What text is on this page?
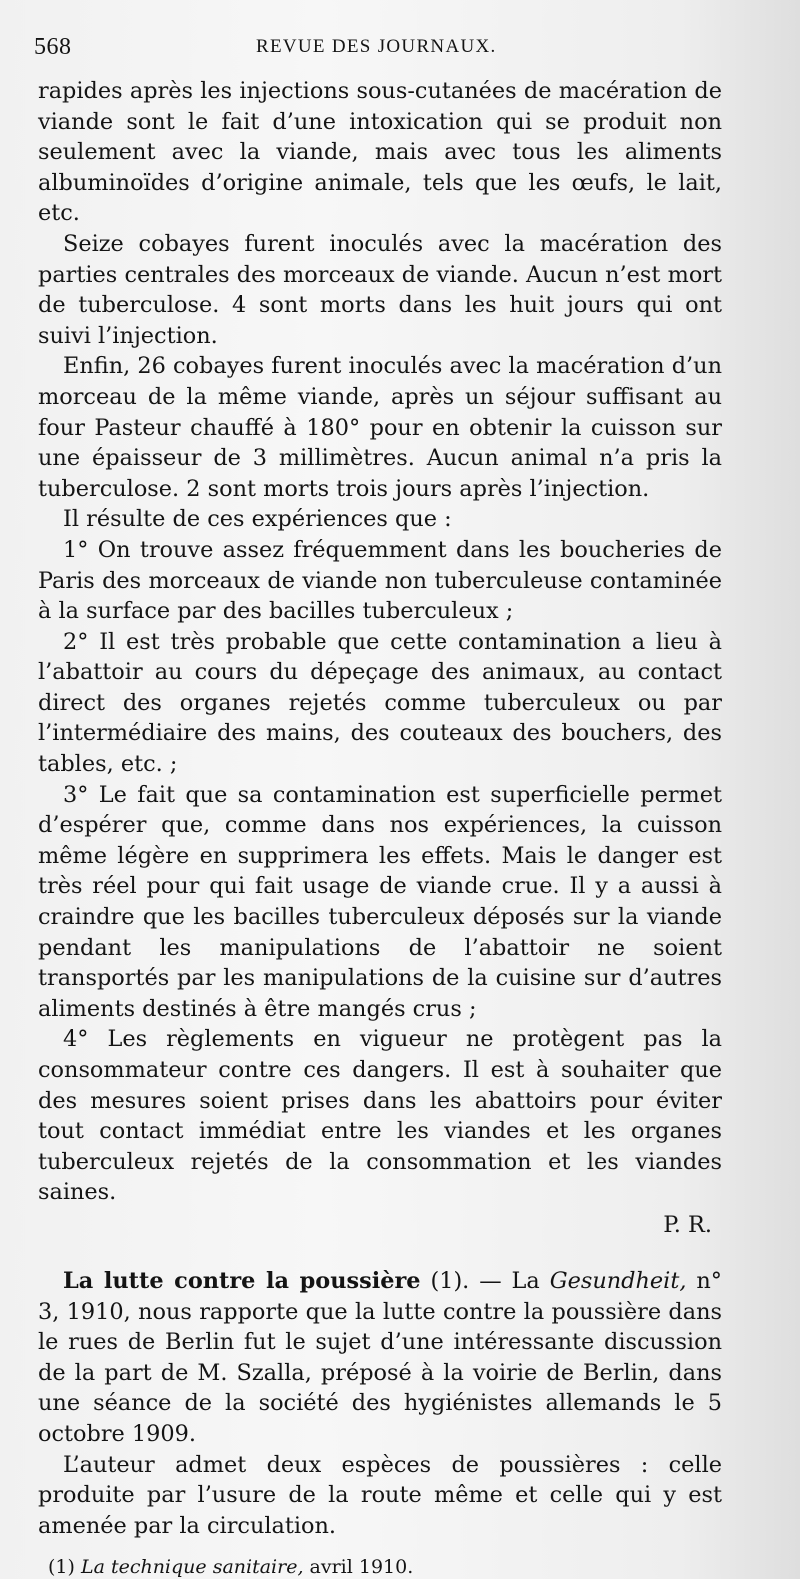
568	REVUE DES JOURNAUX.

rapides après les injections sous-cutanées de macération de viande sont le fait d’une intoxication qui se produit non seulement avec la viande, mais avec tous les aliments albuminoïdes d’origine animale, tels que les œufs, le lait, etc.

Seize cobayes furent inoculés avec la macération des parties centrales des morceaux de viande. Aucun n’est mort de tuberculose. 4 sont morts dans les huit jours qui ont suivi l’injection.

Enfin, 26 cobayes furent inoculés avec la macération d’un morceau de la même viande, après un séjour suffisant au four Pasteur chauffé à 180° pour en obtenir la cuisson sur une épaisseur de 3 millimètres. Aucun animal n’a pris la tuberculose. 2 sont morts trois jours après l’injection.

Il résulte de ces expériences que :

1° On trouve assez fréquemment dans les boucheries de Paris des morceaux de viande non tuberculeuse contaminée à la surface par des bacilles tuberculeux ;

2° Il est très probable que cette contamination a lieu à l’abattoir au cours du dépeçage des animaux, au contact direct des organes rejetés comme tuberculeux ou par l’intermédiaire des mains, des couteaux des bouchers, des tables, etc. ;

3° Le fait que sa contamination est superficielle permet d’espérer que, comme dans nos expériences, la cuisson même légère en supprimera les effets. Mais le danger est très réel pour qui fait usage de viande crue. Il y a aussi à craindre que les bacilles tuberculeux déposés sur la viande pendant les manipulations de l’abattoir ne soient transportés par les manipulations de la cuisine sur d’autres aliments destinés à être mangés crus ;

4° Les règlements en vigueur ne protègent pas la consommateur contre ces dangers. Il est à souhaiter que des mesures soient prises dans les abattoirs pour éviter tout contact immédiat entre les viandes et les organes tuberculeux rejetés de la consommation et les viandes saines.

P. R.

La lutte contre la poussière (1). — La Gesundheit, n° 3, 1910, nous rapporte que la lutte contre la poussière dans le rues de Berlin fut le sujet d’une intéressante discussion de la part de M. Szalla, préposé à la voirie de Berlin, dans une séance de la société des hygiénistes allemands le 5 octobre 1909.

L’auteur admet deux espèces de poussières : celle produite par l’usure de la route même et celle qui y est amenée par la circulation.

(1) La technique sanitaire, avril 1910.
